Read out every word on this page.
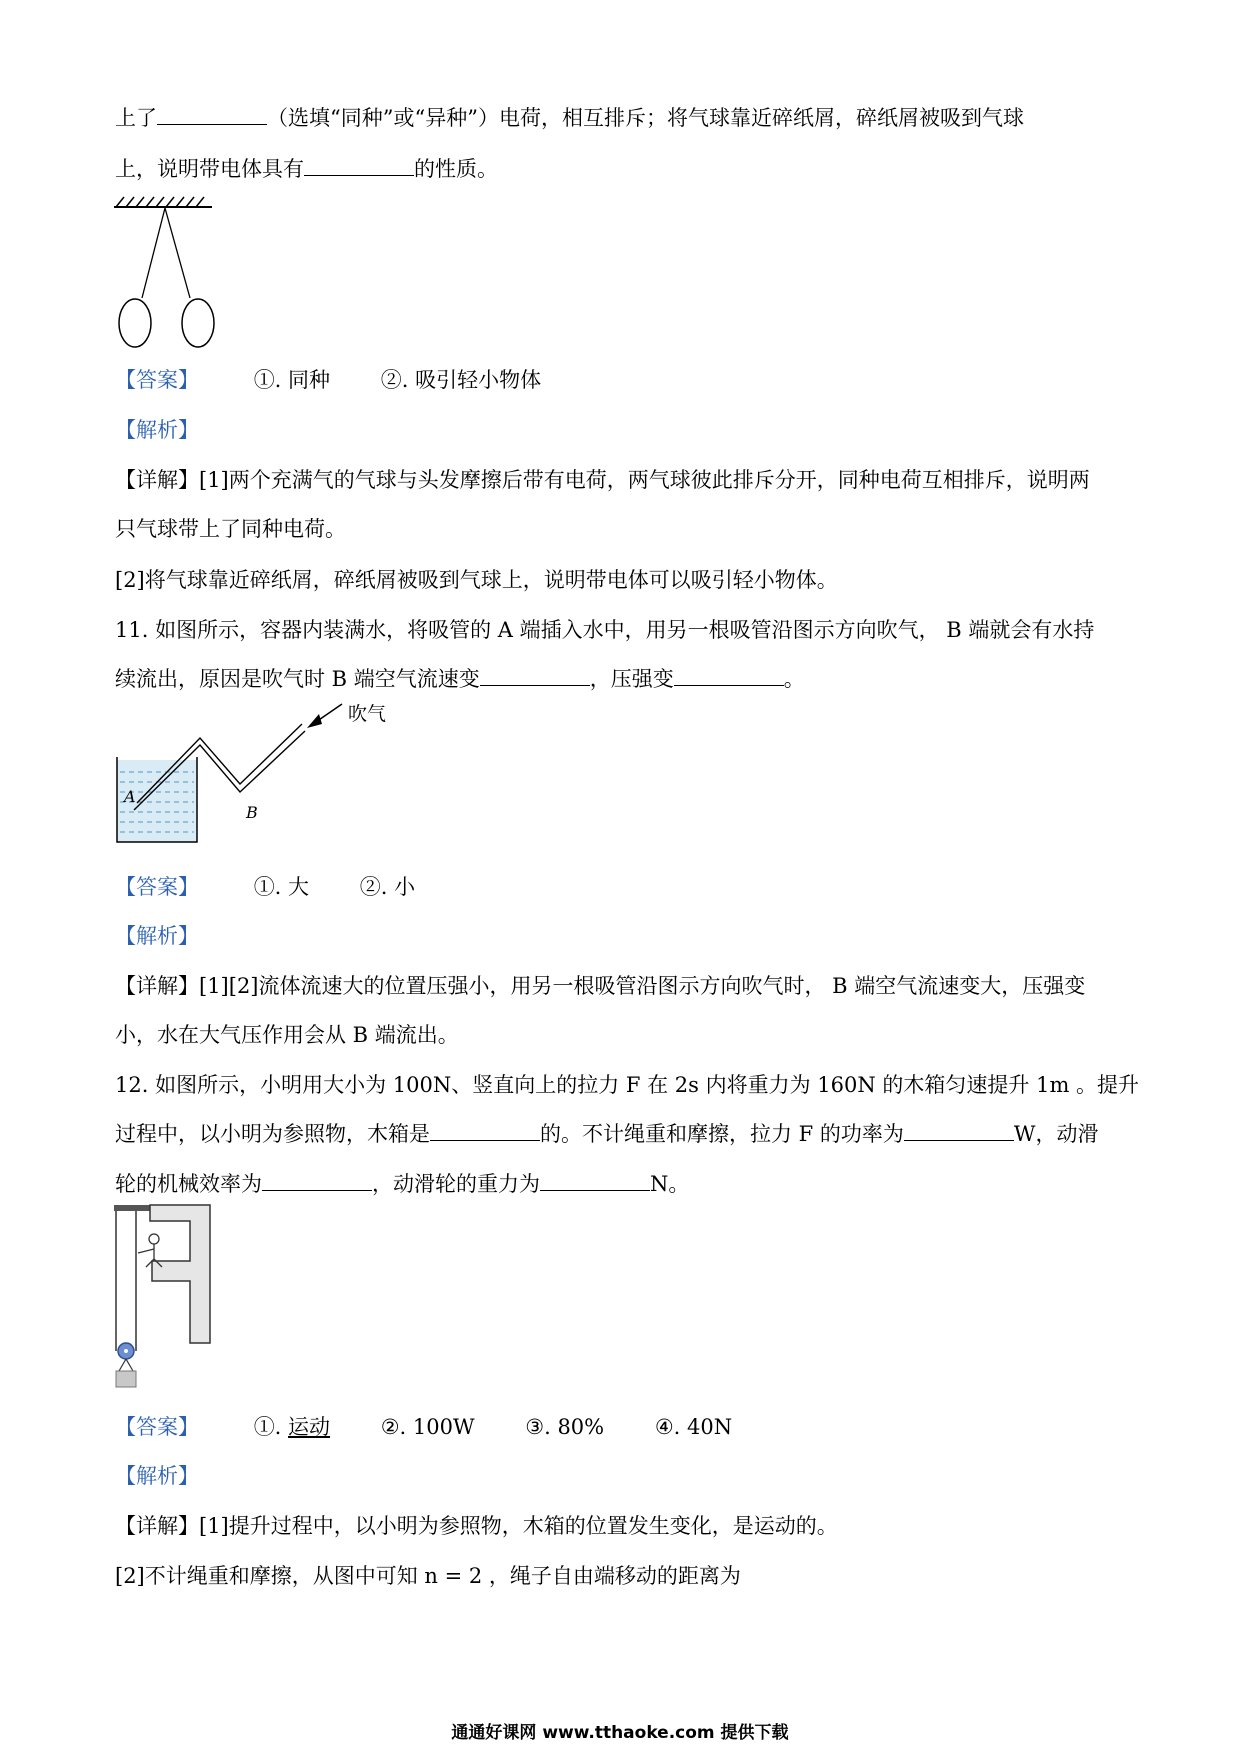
上了	（选填“同种”或“异种”）电荷，相互排斥；将气球靠近碎纸屑，碎纸屑被吸到气球
上，说明带电体具有	的性质。
【答案】	①. 同种 ②. 吸引轻小物体
【解析】
【详解】[1]两个充满气的气球与头发摩擦后带有电荷，两气球彼此排斥分开，同种电荷互相排斥，说明两
只气球带上了同种电荷。
[2]将气球靠近碎纸屑，碎纸屑被吸到气球上，说明带电体可以吸引轻小物体。
11. 如图所示，容器内装满水，将吸管的 A 端插入水中，用另一根吸管沿图示方向吹气， B 端就会有水持
续流出，原因是吹气时 B 端空气流速变	，压强变	。
吹气
A
B
【答案】	①. 大 ②. 小
【解析】
【详解】[1][2]流体流速大的位置压强小，用另一根吸管沿图示方向吹气时， B 端空气流速变大，压强变
小，水在大气压作用会从 B 端流出。
12. 如图所示，小明用大小为 100N、竖直向上的拉力 F 在 2s 内将重力为 160N 的木箱匀速提升 1m 。提升
过程中，以小明为参照物，木箱是	的。不计绳重和摩擦，拉力 F 的功率为	W，动滑
轮的机械效率为	，动滑轮的重力为	N。
【答案】	①. 运动 ②. 100W ③. 80% ④. 40N
【解析】
【详解】[1]提升过程中，以小明为参照物，木箱的位置发生变化，是运动的。
[2]不计绳重和摩擦，从图中可知 n = 2 ，绳子自由端移动的距离为
通通好课网 www.tthaoke.com 提供下载
